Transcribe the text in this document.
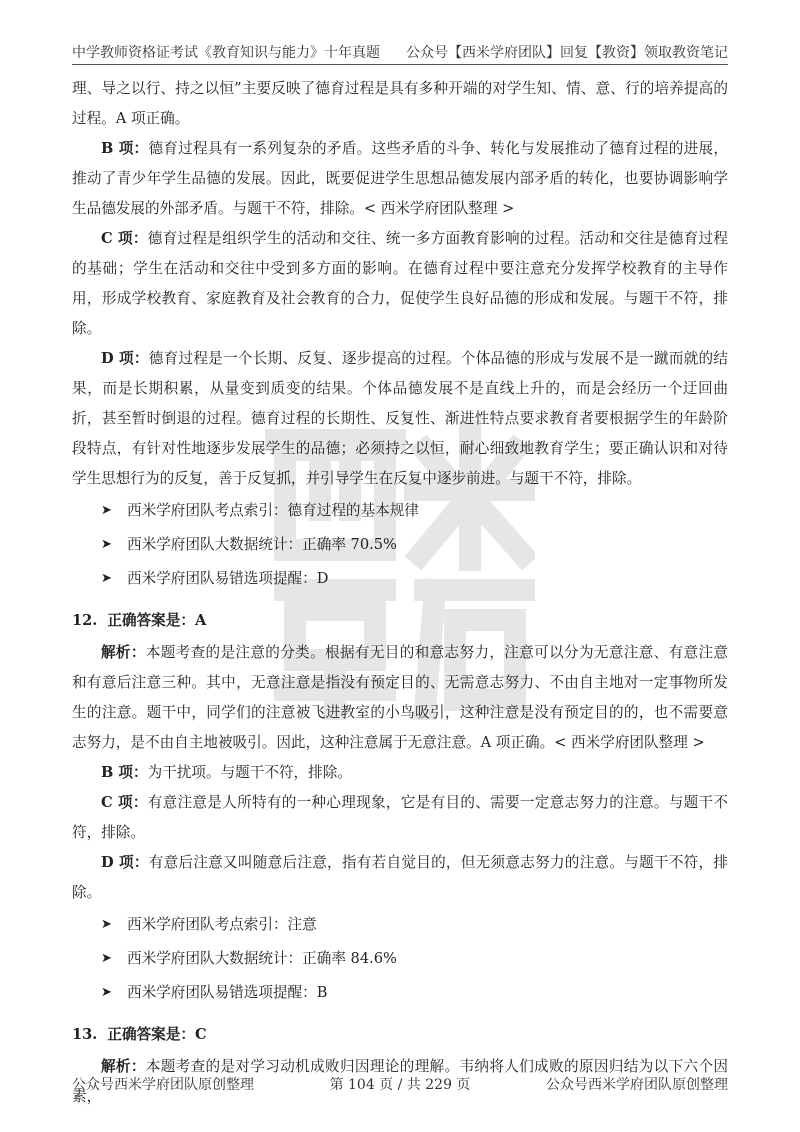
中学教师资格证考试《教育知识与能力》十年真题 公众号【西米学府团队】回复【教资】领取教资笔记

理、导之以行、持之以恒”主要反映了德育过程是具有多种开端的对学生知、情、意、行的培养提高的过程。A 项正确。

B 项：德育过程具有一系列复杂的矛盾。这些矛盾的斗争、转化与发展推动了德育过程的进展，推动了青少年学生品德的发展。因此，既要促进学生思想品德发展内部矛盾的转化，也要协调影响学生品德发展的外部矛盾。与题干不符，排除。< 西米学府团队整理 >

C 项：德育过程是组织学生的活动和交往、统一多方面教育影响的过程。活动和交往是德育过程的基础；学生在活动和交往中受到多方面的影响。在德育过程中要注意充分发挥学校教育的主导作用，形成学校教育、家庭教育及社会教育的合力，促使学生良好品德的形成和发展。与题干不符，排除。

D 项：德育过程是一个长期、反复、逐步提高的过程。个体品德的形成与发展不是一蹴而就的结果，而是长期积累，从量变到质变的结果。个体品德发展不是直线上升的，而是会经历一个迂回曲折，甚至暂时倒退的过程。德育过程的长期性、反复性、渐进性特点要求教育者要根据学生的年龄阶段特点，有针对性地逐步发展学生的品德；必须持之以恒，耐心细致地教育学生；要正确认识和对待学生思想行为的反复，善于反复抓，并引导学生在反复中逐步前进。与题干不符，排除。

➤	西米学府团队考点索引：德育过程的基本规律
➤	西米学府团队大数据统计：正确率 70.5%
➤	西米学府团队易错选项提醒：D
12. 正确答案是：A

解析：本题考查的是注意的分类。根据有无目的和意志努力，注意可以分为无意注意、有意注意和有意后注意三种。其中，无意注意是指没有预定目的、无需意志努力、不由自主地对一定事物所发生的注意。题干中，同学们的注意被飞进教室的小鸟吸引，这种注意是没有预定目的的，也不需要意志努力，是不由自主地被吸引。因此，这种注意属于无意注意。A 项正确。< 西米学府团队整理 >

B 项：为干扰项。与题干不符，排除。

C 项：有意注意是人所特有的一种心理现象，它是有目的、需要一定意志努力的注意。与题干不符，排除。

D 项：有意后注意又叫随意后注意，指有若自觉目的，但无须意志努力的注意。与题干不符，排除。

➤	西米学府团队考点索引：注意
➤	西米学府团队大数据统计：正确率 84.6%
➤	西米学府团队易错选项提醒：B
13. 正确答案是：C

解析：本题考查的是对学习动机成败归因理论的理解。韦纳将人们成败的原因归结为以下六个因素，

公众号西米学府团队原创整理	第 104 页 / 共 229 页	公众号西米学府团队原创整理
